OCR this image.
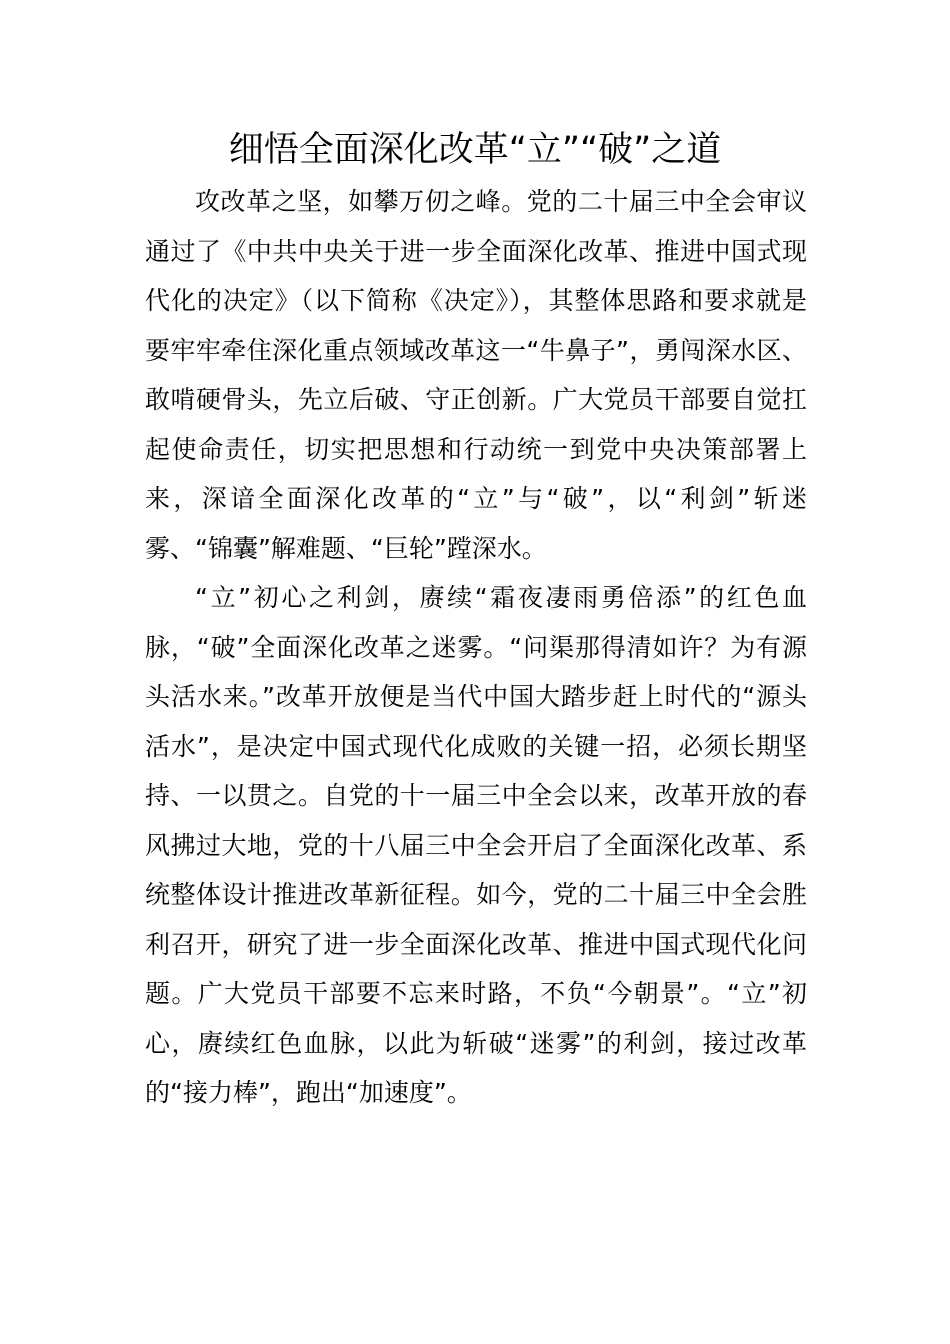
细悟全面深化改革“立”“破”之道

攻改革之坚，如攀万仞之峰。党的二十届三中全会审议通过了《中共中央关于进一步全面深化改革、推进中国式现代化的决定》（以下简称《决定》），其整体思路和要求就是要牢牢牵住深化重点领域改革这一“牛鼻子”，勇闯深水区、敢啃硬骨头，先立后破、守正创新。广大党员干部要自觉扛起使命责任，切实把思想和行动统一到党中央决策部署上来，深谙全面深化改革的“立”与“破”，以“利剑”斩迷雾、“锦囊”解难题、“巨轮”蹚深水。

“立”初心之利剑，赓续“霜夜凄雨勇倍添”的红色血脉，“破”全面深化改革之迷雾。“问渠那得清如许？为有源头活水来。”改革开放便是当代中国大踏步赶上时代的“源头活水”，是决定中国式现代化成败的关键一招，必须长期坚持、一以贯之。自党的十一届三中全会以来，改革开放的春风拂过大地，党的十八届三中全会开启了全面深化改革、系统整体设计推进改革新征程。如今，党的二十届三中全会胜利召开，研究了进一步全面深化改革、推进中国式现代化问题。广大党员干部要不忘来时路，不负“今朝景”。“立”初心，赓续红色血脉，以此为斩破“迷雾”的利剑，接过改革的“接力棒”，跑出“加速度”。
